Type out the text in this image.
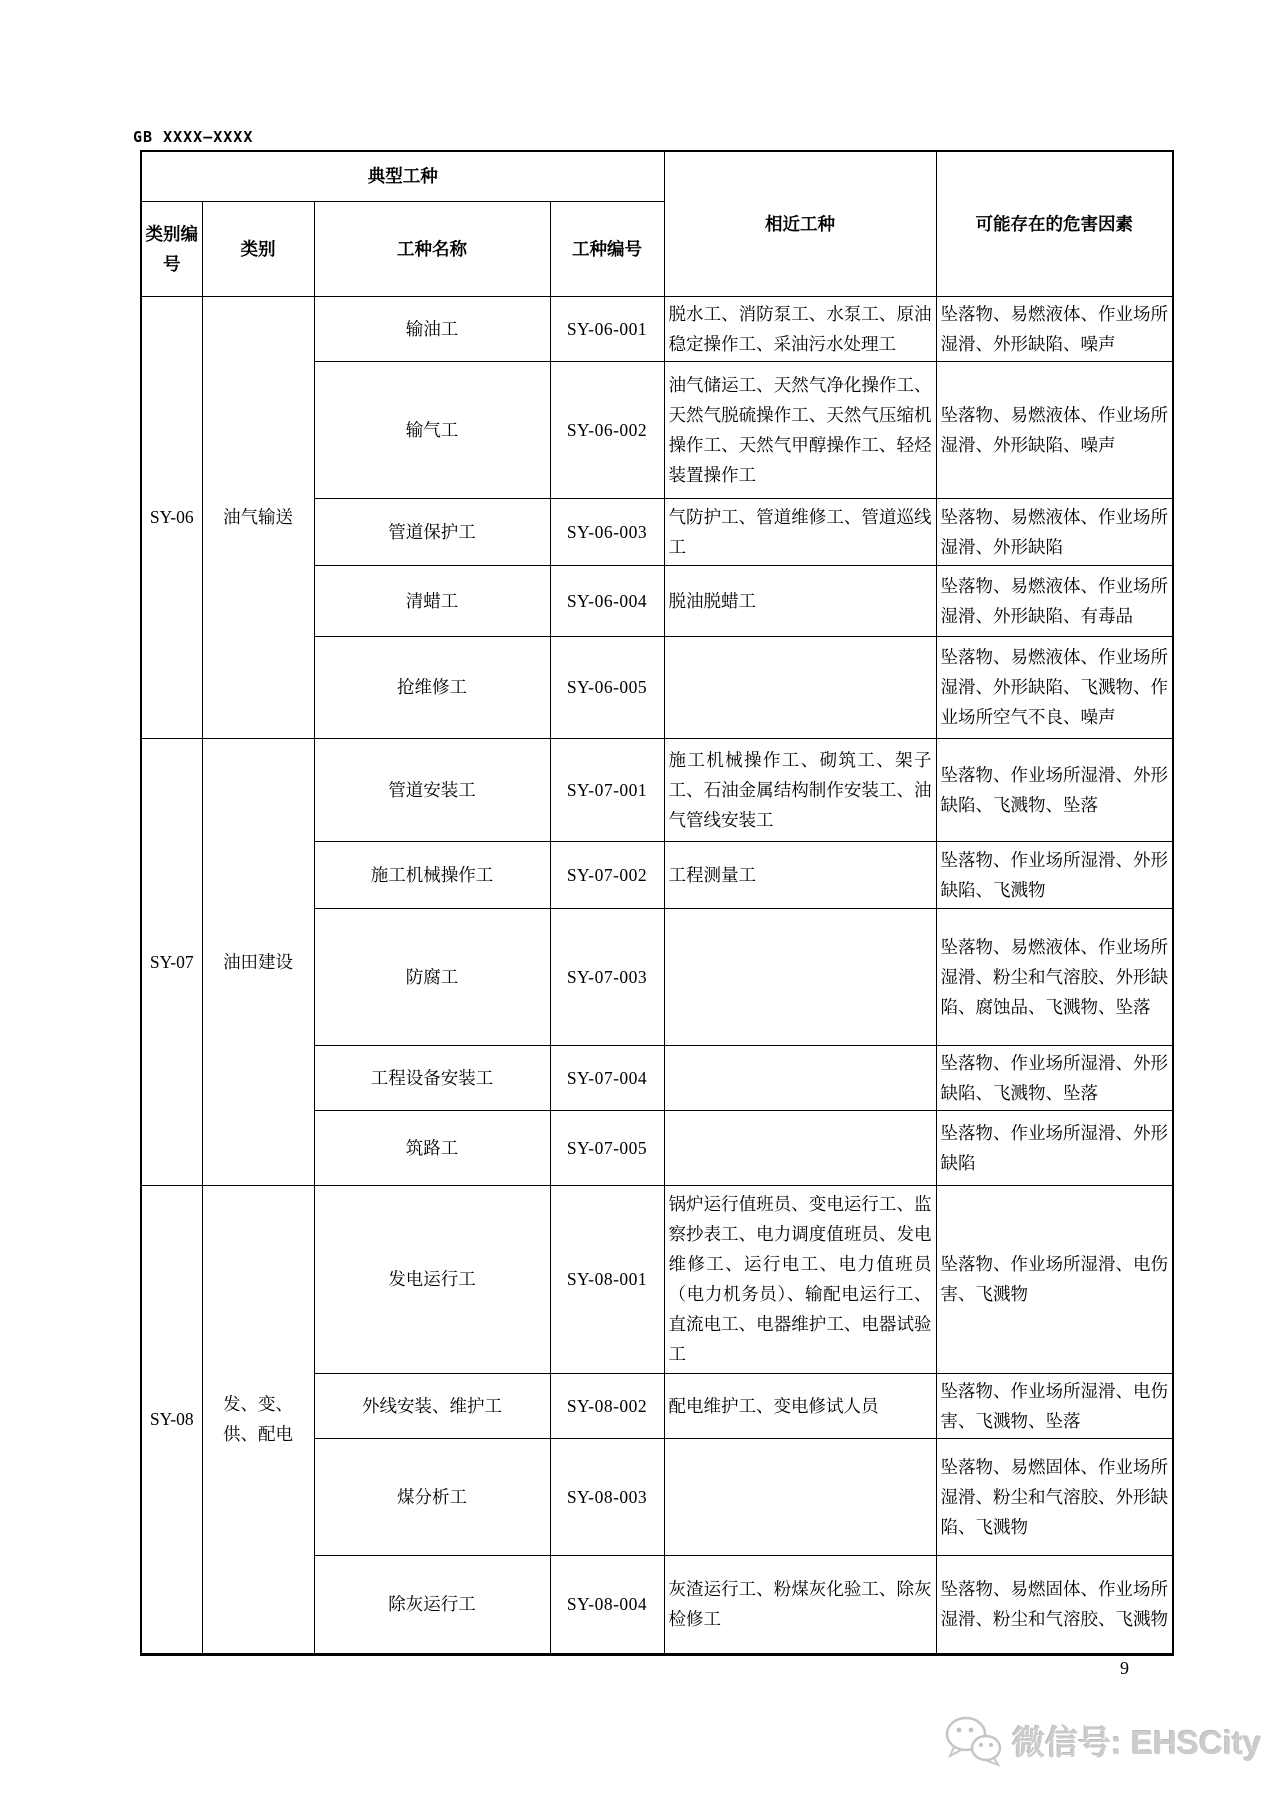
GB XXXX—XXXX
典型工种				相近工种	可能存在的危害因素
类别编号	类别	工种名称	工种编号		
SY-06	油气输送	输油工	SY-06-001	脱水工、消防泵工、水泵工、原油稳定操作工、采油污水处理工	坠落物、易燃液体、作业场所湿滑、外形缺陷、噪声
		输气工	SY-06-002	油气储运工、天然气净化操作工、天然气脱硫操作工、天然气压缩机操作工、天然气甲醇操作工、轻烃装置操作工	坠落物、易燃液体、作业场所湿滑、外形缺陷、噪声
		管道保护工	SY-06-003	气防护工、管道维修工、管道巡线工	坠落物、易燃液体、作业场所湿滑、外形缺陷
		清蜡工	SY-06-004	脱油脱蜡工	坠落物、易燃液体、作业场所湿滑、外形缺陷、有毒品
		抢维修工	SY-06-005		坠落物、易燃液体、作业场所湿滑、外形缺陷、飞溅物、作业场所空气不良、噪声
SY-07	油田建设	管道安装工	SY-07-001	施工机械操作工、砌筑工、架子工、石油金属结构制作安装工、油气管线安装工	坠落物、作业场所湿滑、外形缺陷、飞溅物、坠落
		施工机械操作工	SY-07-002	工程测量工	坠落物、作业场所湿滑、外形缺陷、飞溅物
		防腐工	SY-07-003		坠落物、易燃液体、作业场所湿滑、粉尘和气溶胶、外形缺陷、腐蚀品、飞溅物、坠落
		工程设备安装工	SY-07-004		坠落物、作业场所湿滑、外形缺陷、飞溅物、坠落
		筑路工	SY-07-005		坠落物、作业场所湿滑、外形缺陷
SY-08	发、变、供、配电	发电运行工	SY-08-001	锅炉运行值班员、变电运行工、监察抄表工、电力调度值班员、发电维修工、运行电工、电力值班员（电力机务员）、输配电运行工、直流电工、电器维护工、电器试验工	坠落物、作业场所湿滑、电伤害、飞溅物
		外线安装、维护工	SY-08-002	配电维护工、变电修试人员	坠落物、作业场所湿滑、电伤害、飞溅物、坠落
		煤分析工	SY-08-003		坠落物、易燃固体、作业场所湿滑、粉尘和气溶胶、外形缺陷、飞溅物
		除灰运行工	SY-08-004	灰渣运行工、粉煤灰化验工、除灰检修工	坠落物、易燃固体、作业场所湿滑、粉尘和气溶胶、飞溅物
9
微信号: EHSCity
